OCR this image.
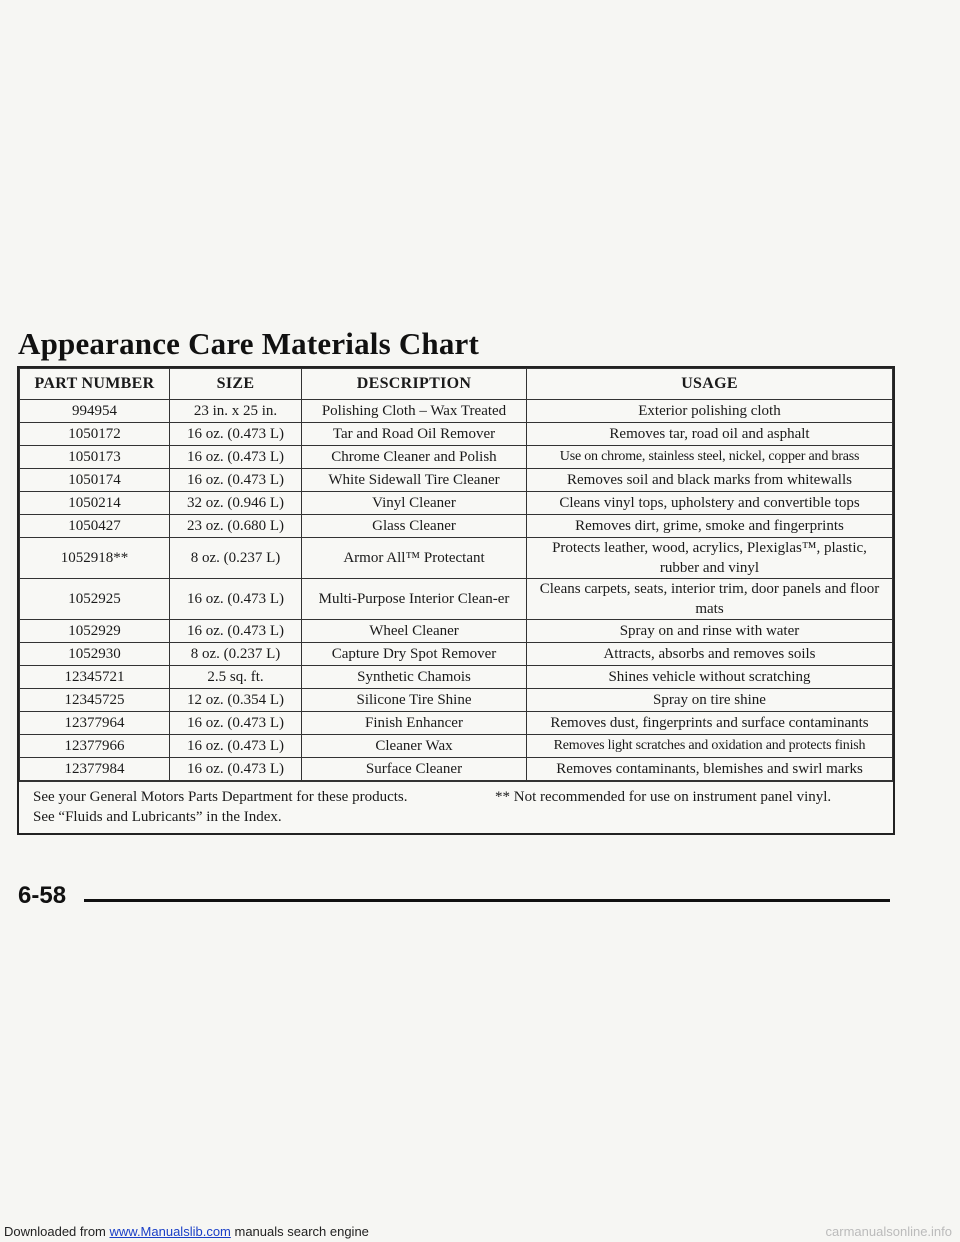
Appearance Care Materials Chart
PART NUMBER	SIZE	DESCRIPTION	USAGE
994954	23 in. x 25 in.	Polishing Cloth – Wax Treated	Exterior polishing cloth
1050172	16 oz. (0.473 L)	Tar and Road Oil Remover	Removes tar, road oil and asphalt
1050173	16 oz. (0.473 L)	Chrome Cleaner and Polish	Use on chrome, stainless steel, nickel, copper and brass
1050174	16 oz. (0.473 L)	White Sidewall Tire Cleaner	Removes soil and black marks from whitewalls
1050214	32 oz. (0.946 L)	Vinyl Cleaner	Cleans vinyl tops, upholstery and convertible tops
1050427	23 oz. (0.680 L)	Glass Cleaner	Removes dirt, grime, smoke and fingerprints
1052918**	8 oz. (0.237 L)	Armor All™ Protectant	Protects leather, wood, acrylics, Plexiglas™, plastic, rubber and vinyl
1052925	16 oz. (0.473 L)	Multi-Purpose Interior Clean-er	Cleans carpets, seats, interior trim, door panels and floor mats
1052929	16 oz. (0.473 L)	Wheel Cleaner	Spray on and rinse with water
1052930	8 oz. (0.237 L)	Capture Dry Spot Remover	Attracts, absorbs and removes soils
12345721	2.5 sq. ft.	Synthetic Chamois	Shines vehicle without scratching
12345725	12 oz. (0.354 L)	Silicone Tire Shine	Spray on tire shine
12377964	16 oz. (0.473 L)	Finish Enhancer	Removes dust, fingerprints and surface contaminants
12377966	16 oz. (0.473 L)	Cleaner Wax	Removes light scratches and oxidation and protects finish
12377984	16 oz. (0.473 L)	Surface Cleaner	Removes contaminants, blemishes and swirl marks
See your General Motors Parts Department for these products.
See “Fluids and Lubricants” in the Index.
** Not recommended for use on instrument panel vinyl.
6-58
Downloaded from www.Manualslib.com manuals search engine	carmanualsonline.info
